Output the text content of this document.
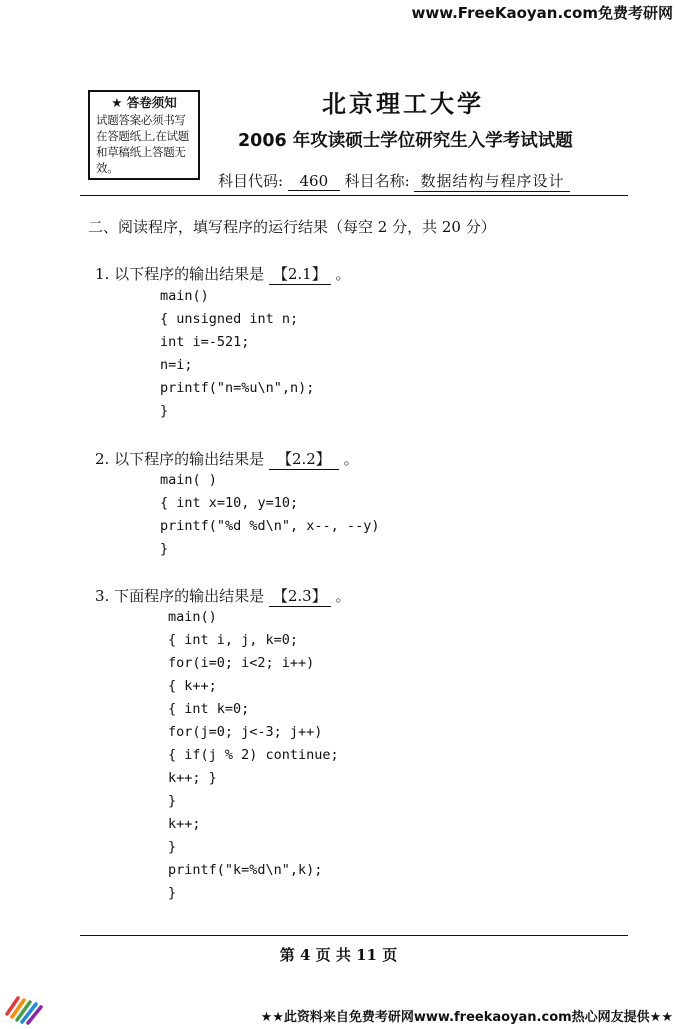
www.FreeKaoyan.com免费考研网
★ 答卷须知
试题答案必须书写在答题纸上,在试题和草稿纸上答题无效。
北京理工大学
2006 年攻读硕士学位研究生入学考试试题
科目代码: 460 科目名称: 数据结构与程序设计
二、阅读程序，填写程序的运行结果（每空 2 分，共 20 分）
1. 以下程序的输出结果是 【2.1】 。
main()
{ unsigned int n;
int i=-521;
n=i;
printf("n=%u\n",n);
}
2. 以下程序的输出结果是 【2.2】 。
main( )
{ int x=10, y=10;
printf("%d %d\n", x--, --y)
}
3. 下面程序的输出结果是 【2.3】 。
main()
{ int i, j, k=0;
for(i=0; i<2; i++)
{ k++;
{ int k=0;
for(j=0; j<-3; j++)
{ if(j % 2) continue;
k++; }
}
k++;
}
printf("k=%d\n",k);
}
第 4 页 共 11 页
★★此资料来自免费考研网www.freekaoyan.com热心网友提供★★
